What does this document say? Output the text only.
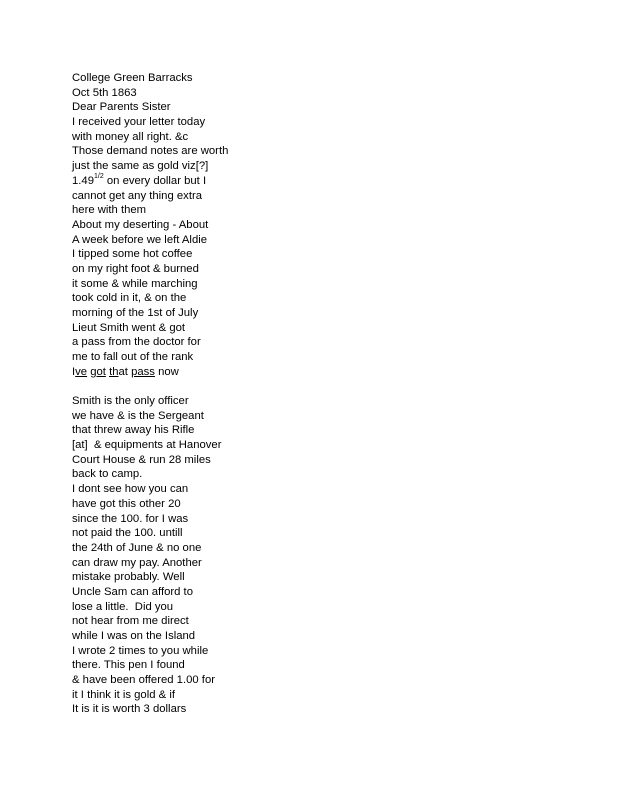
College Green Barracks
Oct 5th 1863
Dear Parents Sister
I received your letter today
with money all right. &c
Those demand notes are worth
just the same as gold viz[?]
$1.49^{1/2}$ on every dollar but I
cannot get any thing extra
here with them
About my deserting - About
A week before we left Aldie
I tipped some hot coffee
on my right foot & burned
it some & while marching
took cold in it, & on the
morning of the 1st of July
Lieut Smith went & got
a pass from the doctor for
me to fall out of the rank
Ive got that pass now
Smith is the only officer
we have & is the Sergeant
that threw away his Rifle
[at]  & equipments at Hanover
Court House & run 28 miles
back to camp.
I dont see how you can
have got this other 20
since the 100. for I was
not paid the 100. untill
the 24th of June & no one
can draw my pay. Another
mistake probably. Well
Uncle Sam can afford to
lose a little.  Did you
not hear from me direct
while I was on the Island
I wrote 2 times to you while
there. This pen I found
& have been offered 1.00 for
it I think it is gold & if
It is it is worth 3 dollars
